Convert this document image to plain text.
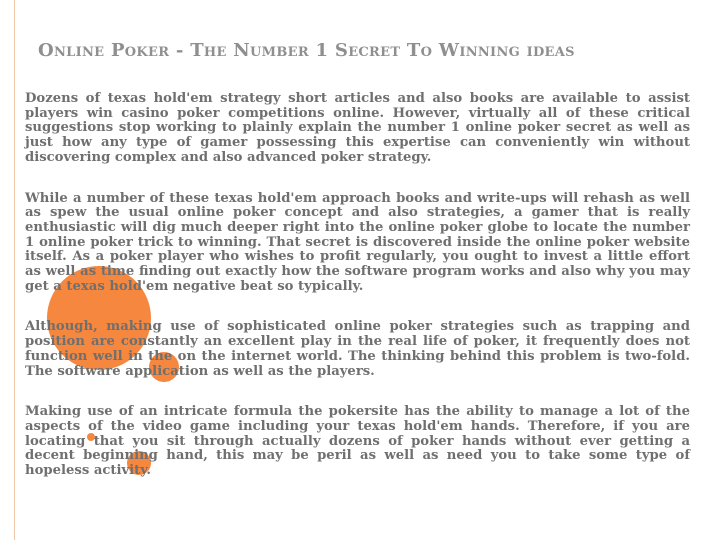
Online Poker - The Number 1 Secret To Winning ideas

Dozens of texas hold'em strategy short articles and also books are available to assist players win casino poker competitions online. However, virtually all of these critical suggestions stop working to plainly explain the number 1 online poker secret as well as just how any type of gamer possessing this expertise can conveniently win without discovering complex and also advanced poker strategy.

While a number of these texas hold'em approach books and write-ups will rehash as well as spew the usual online poker concept and also strategies, a gamer that is really enthusiastic will dig much deeper right into the online poker globe to locate the number 1 online poker trick to winning. That secret is discovered inside the online poker website itself. As a poker player who wishes to profit regularly, you ought to invest a little effort as well as time finding out exactly how the software program works and also why you may get a texas hold'em negative beat so typically.

Although, making use of sophisticated online poker strategies such as trapping and position are constantly an excellent play in the real life of poker, it frequently does not function well in the on the internet world. The thinking behind this problem is two-fold. The software application as well as the players.

Making use of an intricate formula the pokersite has the ability to manage a lot of the aspects of the video game including your texas hold'em hands. Therefore, if you are locating that you sit through actually dozens of poker hands without ever getting a decent beginning hand, this may be peril as well as need you to take some type of hopeless activity.
